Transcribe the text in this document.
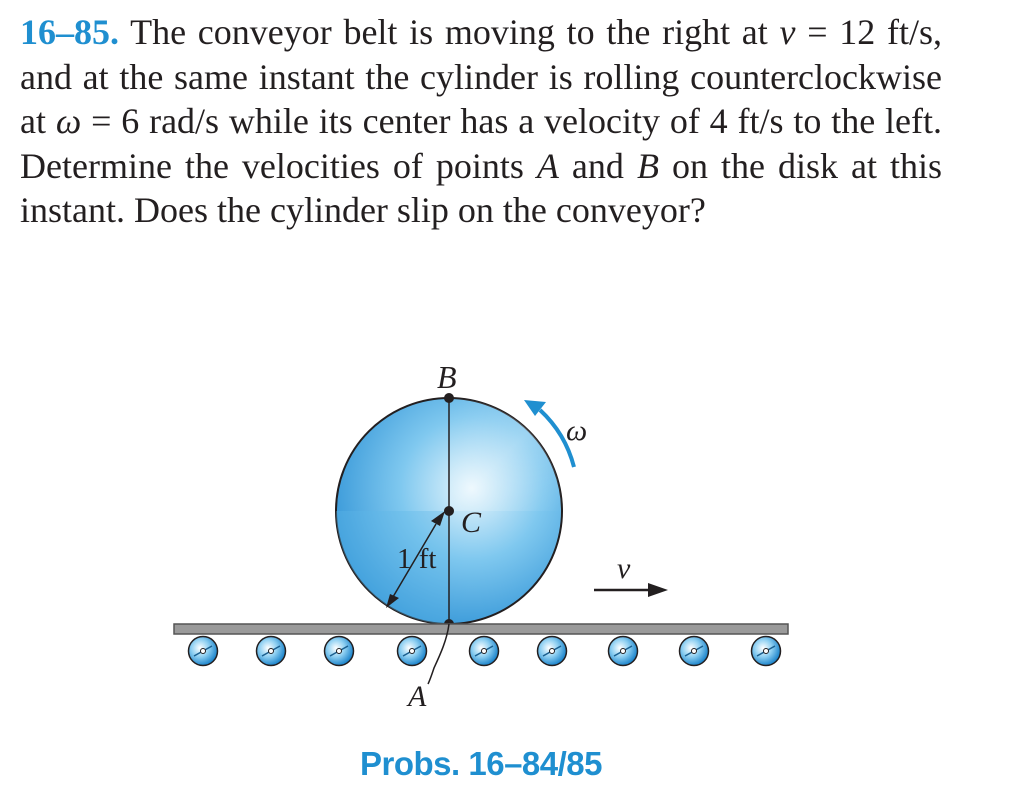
16–85. The conveyor belt is moving to the right at v = 12 ft/s, and at the same instant the cylinder is rolling counterclockwise at ω = 6 rad/s while its center has a velocity of 4 ft/s to the left. Determine the velocities of points A and B on the disk at this instant. Does the cylinder slip on the conveyor?

B
C
1 ft
ω
v
A
Probs. 16–84/85
